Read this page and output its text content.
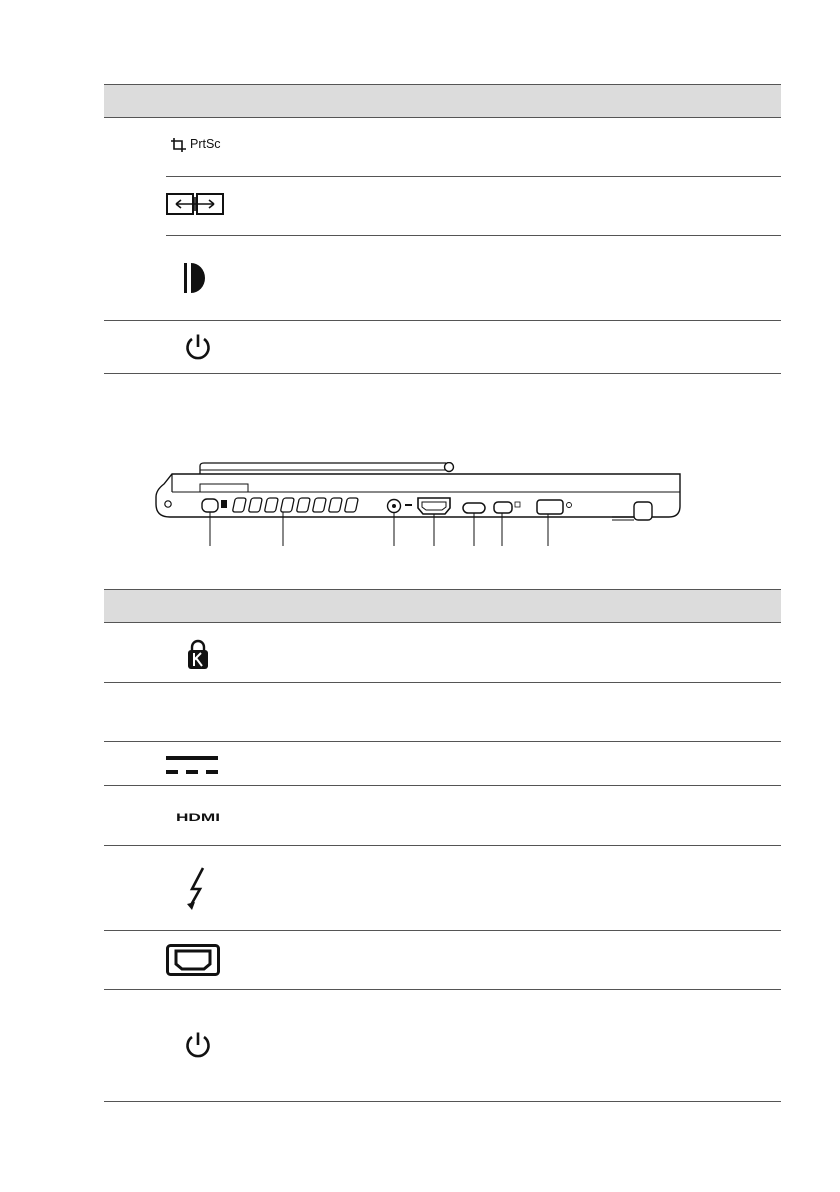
PrtSc
HDMI
